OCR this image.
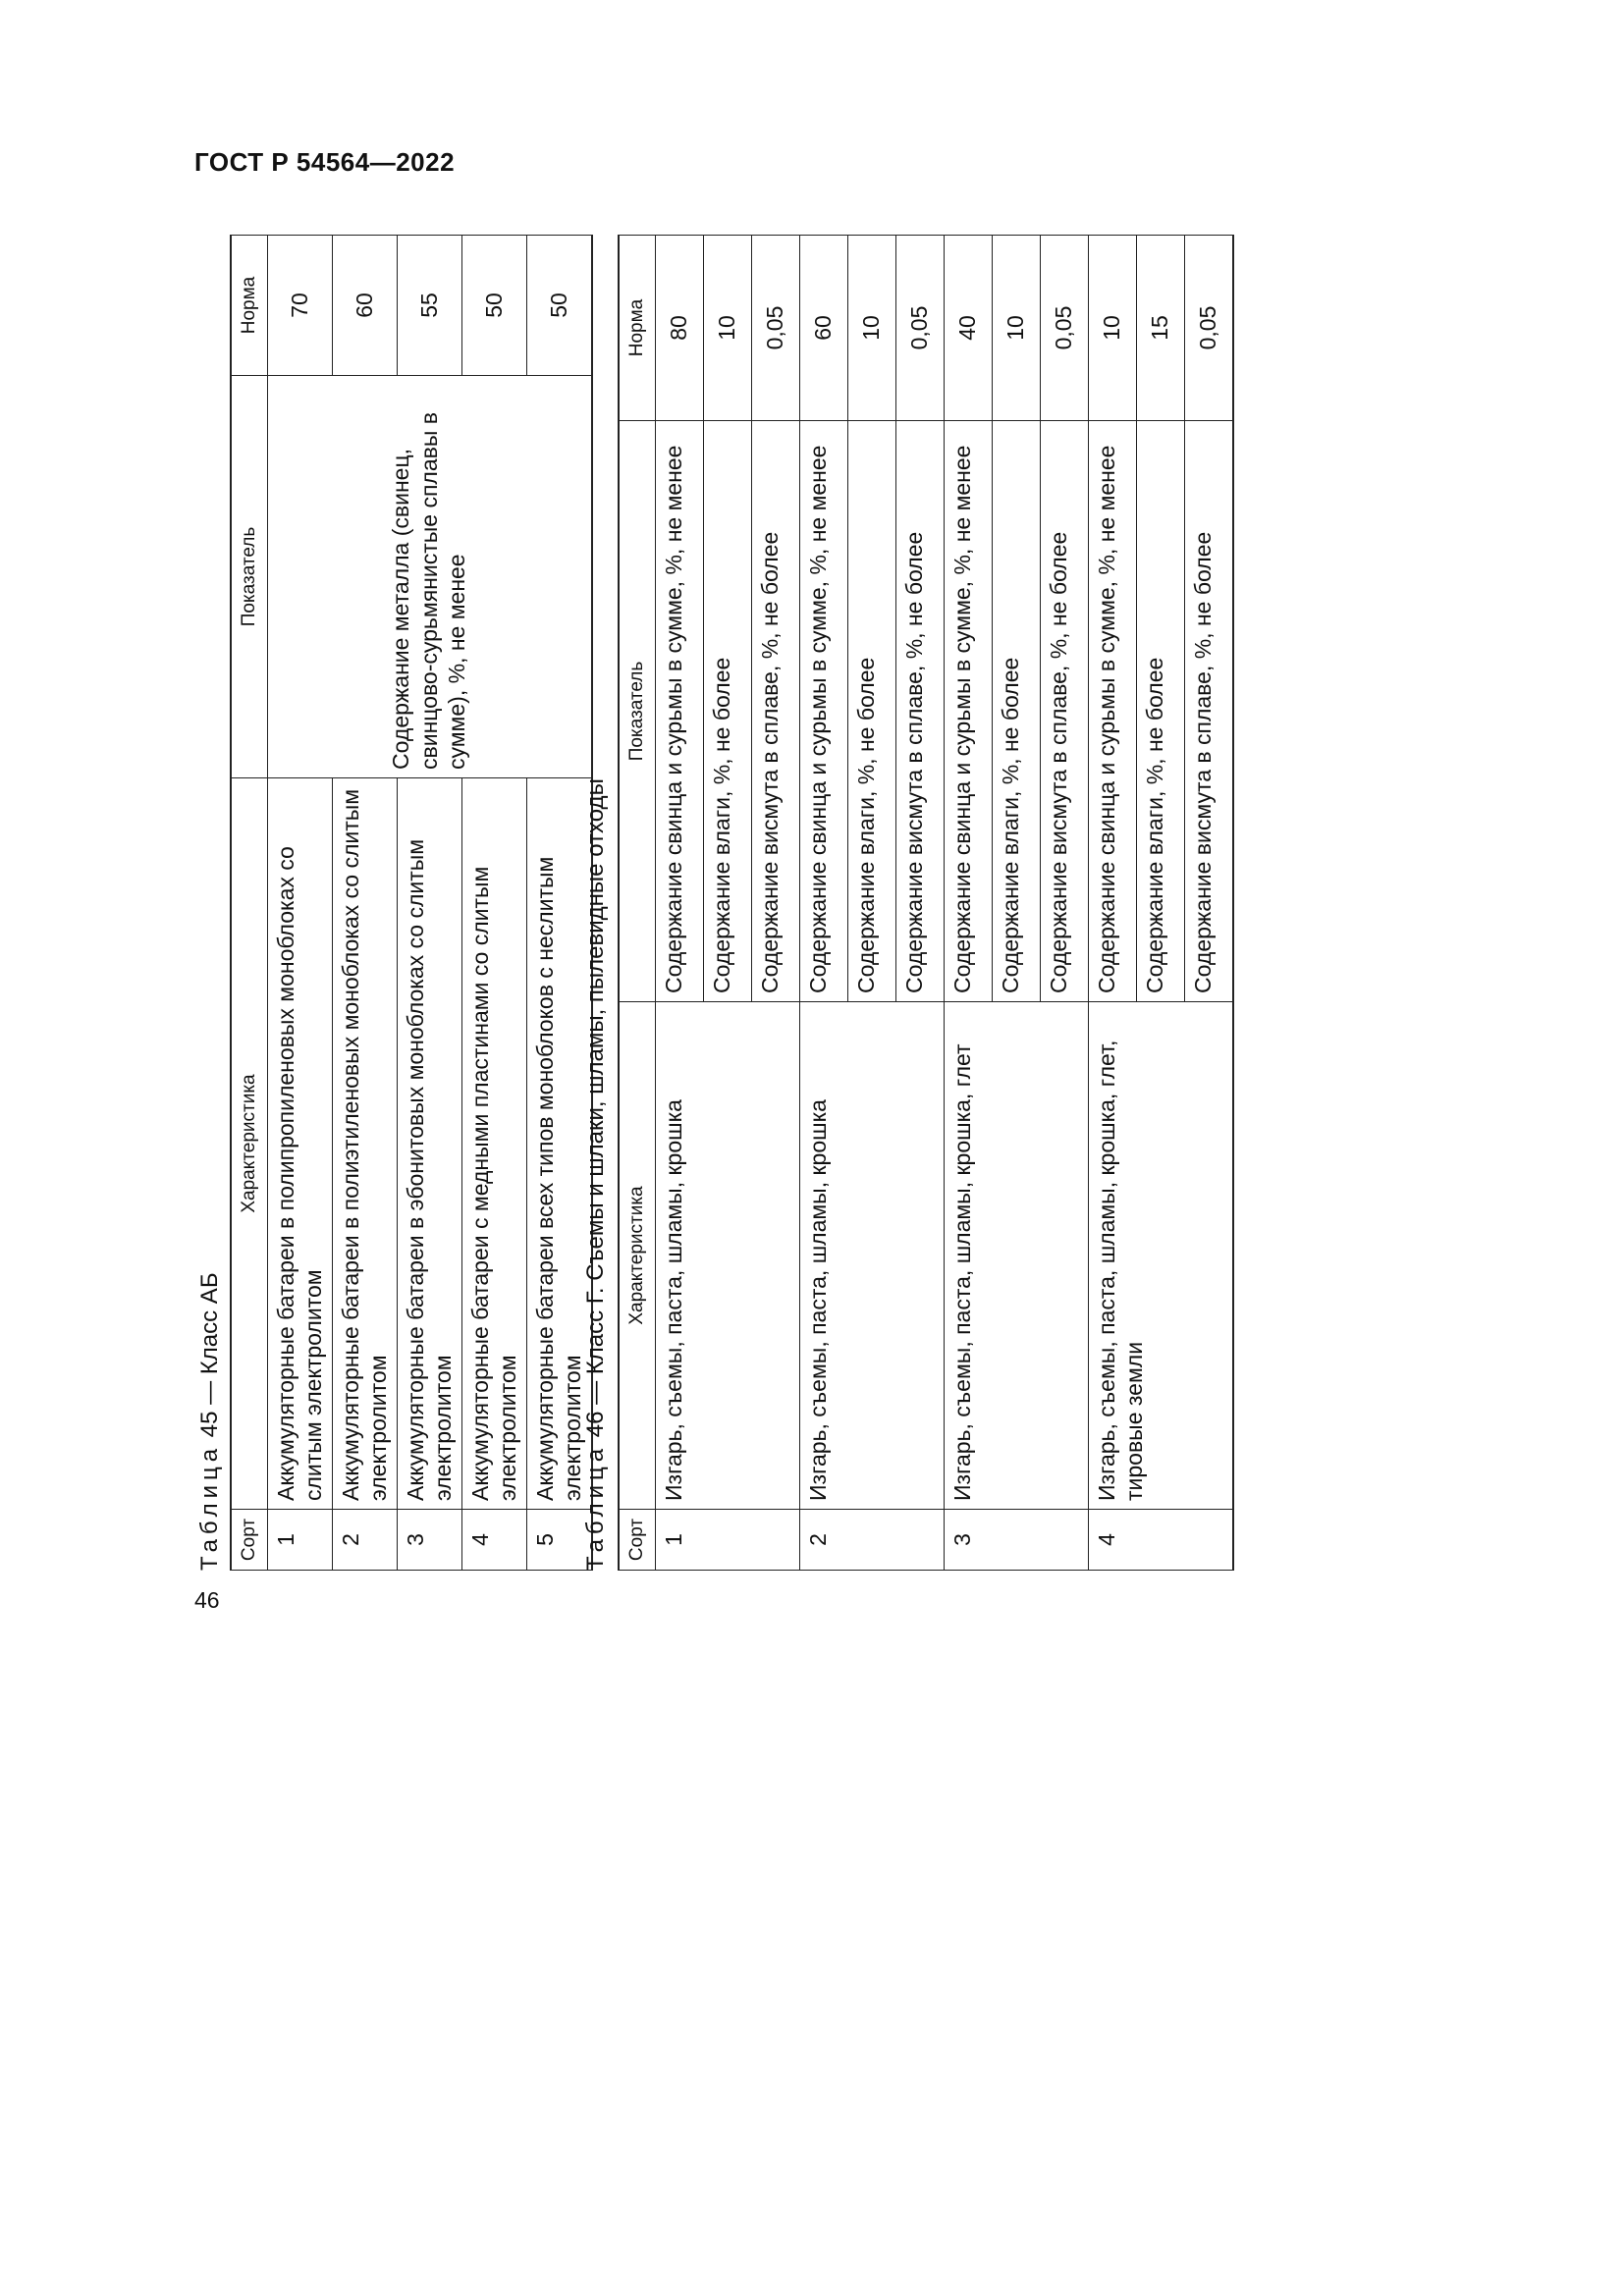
ГОСТ Р 54564—2022
46
Таблица 45 — Класс АБ
Сорт	Характеристика	Показатель	Норма
1	Аккумуляторные батареи в полипропиленовых моноблоках со слитым электролитом	Содержание металла (свинец, свинцово-сурьмянистые сплавы в сумме), %, не менее	70
2	Аккумуляторные батареи в полиэтиленовых моноблоках со слитым электролитом		60
3	Аккумуляторные батареи в эбонитовых моноблоках со слитым электролитом		55
4	Аккумуляторные батареи с медными пластинами со слитым электролитом		50
5	Аккумуляторные батареи всех типов моноблоков с неслитым электролитом		50
Таблица 46 — Класс Г. Съемы и шлаки, шламы, пылевидные отходы
Сорт	Характеристика	Показатель	Норма
1	Изгарь, съемы, паста, шламы, крошка	Содержание свинца и сурьмы в сумме, %, не менее	80
		Содержание влаги, %, не более	10
		Содержание висмута в сплаве, %, не более	0,05
2	Изгарь, съемы, паста, шламы, крошка	Содержание свинца и сурьмы в сумме, %, не менее	60
		Содержание влаги, %, не более	10
		Содержание висмута в сплаве, %, не более	0,05
3	Изгарь, съемы, паста, шламы, крошка, глет	Содержание свинца и сурьмы в сумме, %, не менее	40
		Содержание влаги, %, не более	10
		Содержание висмута в сплаве, %, не более	0,05
4	Изгарь, съемы, паста, шламы, крошка, глет, тировые земли	Содержание свинца и сурьмы в сумме, %, не менее	10
		Содержание влаги, %, не более	15
		Содержание висмута в сплаве, %, не более	0,05
